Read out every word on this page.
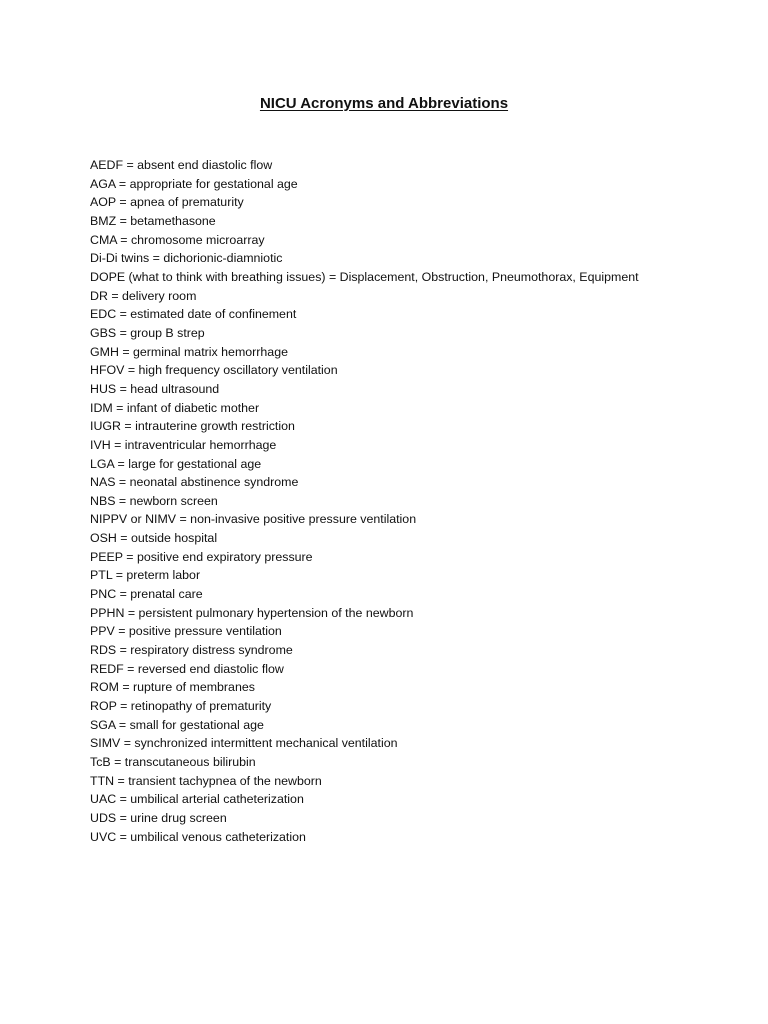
NICU Acronyms and Abbreviations
AEDF = absent end diastolic flow
AGA = appropriate for gestational age
AOP = apnea of prematurity
BMZ = betamethasone
CMA = chromosome microarray
Di-Di twins = dichorionic-diamniotic
DOPE (what to think with breathing issues) = Displacement, Obstruction, Pneumothorax, Equipment
DR = delivery room
EDC = estimated date of confinement
GBS = group B strep
GMH = germinal matrix hemorrhage
HFOV = high frequency oscillatory ventilation
HUS = head ultrasound
IDM = infant of diabetic mother
IUGR = intrauterine growth restriction
IVH = intraventricular hemorrhage
LGA = large for gestational age
NAS = neonatal abstinence syndrome
NBS = newborn screen
NIPPV or NIMV = non-invasive positive pressure ventilation
OSH = outside hospital
PEEP = positive end expiratory pressure
PTL = preterm labor
PNC = prenatal care
PPHN = persistent pulmonary hypertension of the newborn
PPV = positive pressure ventilation
RDS = respiratory distress syndrome
REDF = reversed end diastolic flow
ROM = rupture of membranes
ROP = retinopathy of prematurity
SGA = small for gestational age
SIMV = synchronized intermittent mechanical ventilation
TcB = transcutaneous bilirubin
TTN = transient tachypnea of the newborn
UAC = umbilical arterial catheterization
UDS = urine drug screen
UVC = umbilical venous catheterization
